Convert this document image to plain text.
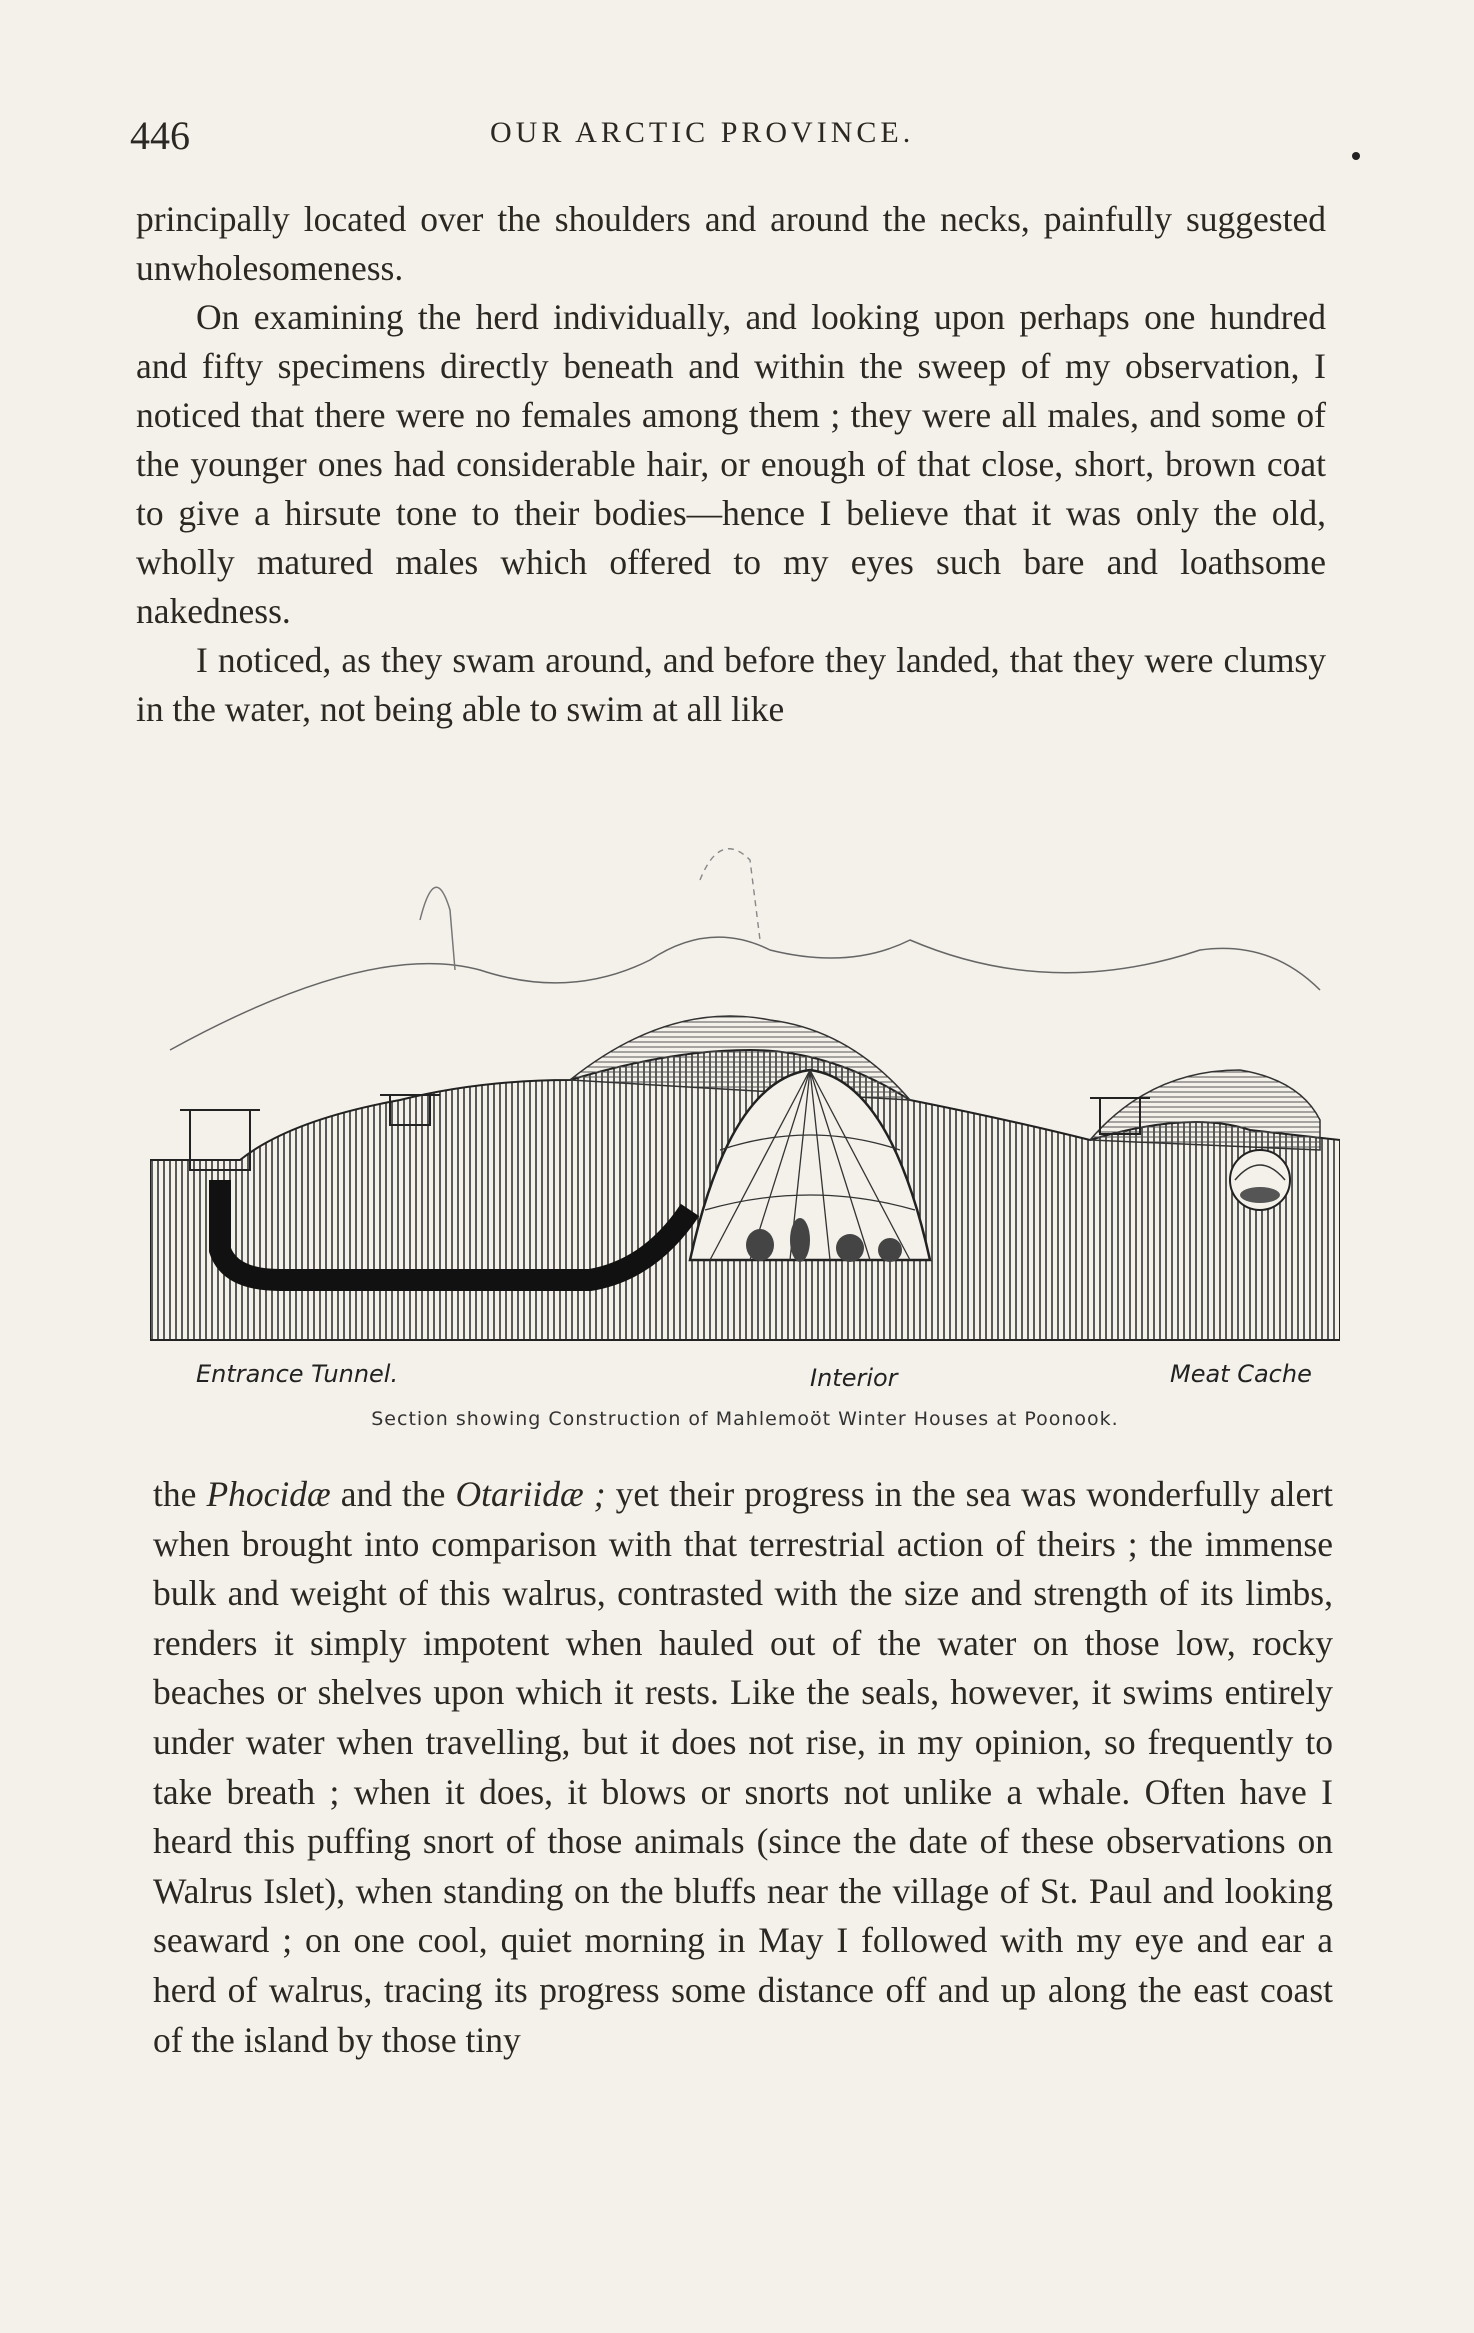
446	OUR ARCTIC PROVINCE.

principally located over the shoulders and around the necks, painfully suggested unwholesomeness.

On examining the herd individually, and looking upon perhaps one hundred and fifty specimens directly beneath and within the sweep of my observation, I noticed that there were no females among them ; they were all males, and some of the younger ones had considerable hair, or enough of that close, short, brown coat to give a hirsute tone to their bodies—hence I believe that it was only the old, wholly matured males which offered to my eyes such bare and loathsome nakedness.

I noticed, as they swam around, and before they landed, that they were clumsy in the water, not being able to swim at all like

Entrance Tunnel.	Interior	Meat Cache
Section showing Construction of Mahlemoöt Winter Houses at Poonook.

the Phocidæ and the Otariidæ ; yet their progress in the sea was wonderfully alert when brought into comparison with that terrestrial action of theirs ; the immense bulk and weight of this walrus, contrasted with the size and strength of its limbs, renders it simply impotent when hauled out of the water on those low, rocky beaches or shelves upon which it rests. Like the seals, however, it swims entirely under water when travelling, but it does not rise, in my opinion, so frequently to take breath ; when it does, it blows or snorts not unlike a whale. Often have I heard this puffing snort of those animals (since the date of these observations on Walrus Islet), when standing on the bluffs near the village of St. Paul and looking seaward ; on one cool, quiet morning in May I followed with my eye and ear a herd of walrus, tracing its progress some distance off and up along the east coast of the island by those tiny
